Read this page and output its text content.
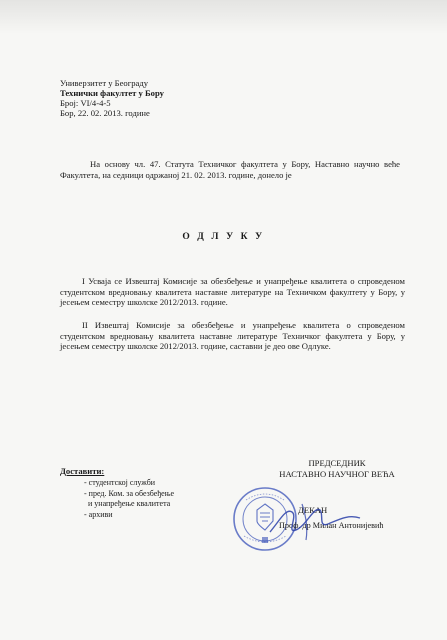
Универзитет у Београду
Технички факултет у Бору
Број: VI/4-4-5
Бор, 22. 02. 2013. године
На основу чл. 47. Статута Техничког факултета у Бору, Наставно научно веће Факултета, на седници одржаној 21. 02. 2013. године, донело је
О Д Л У К У
I Усваја се Извештај Комисије за обезбеђење и унапређење квалитета о спроведеном студентском вредновању квалитета наставне литературе на Техничком факултету у Бору, у јесењем семестру школске 2012/2013. године.
II Извештај Комисије за обезбеђење и унапређење квалитета о спроведеном студентском вредновању квалитета наставне литературе Техничког факултета у Бору, у јесењем семестру школске 2012/2013. године, саставни је део ове Одлуке.
Доставити:
- студентској служби
- пред. Ком. за обезбеђење
и унапређење квалитета
- архиви
ПРЕДСЕДНИК
НАСТАВНО НАУЧНОГ ВЕЋА
ДЕКАН
Проф. др Милан Антонијевић
